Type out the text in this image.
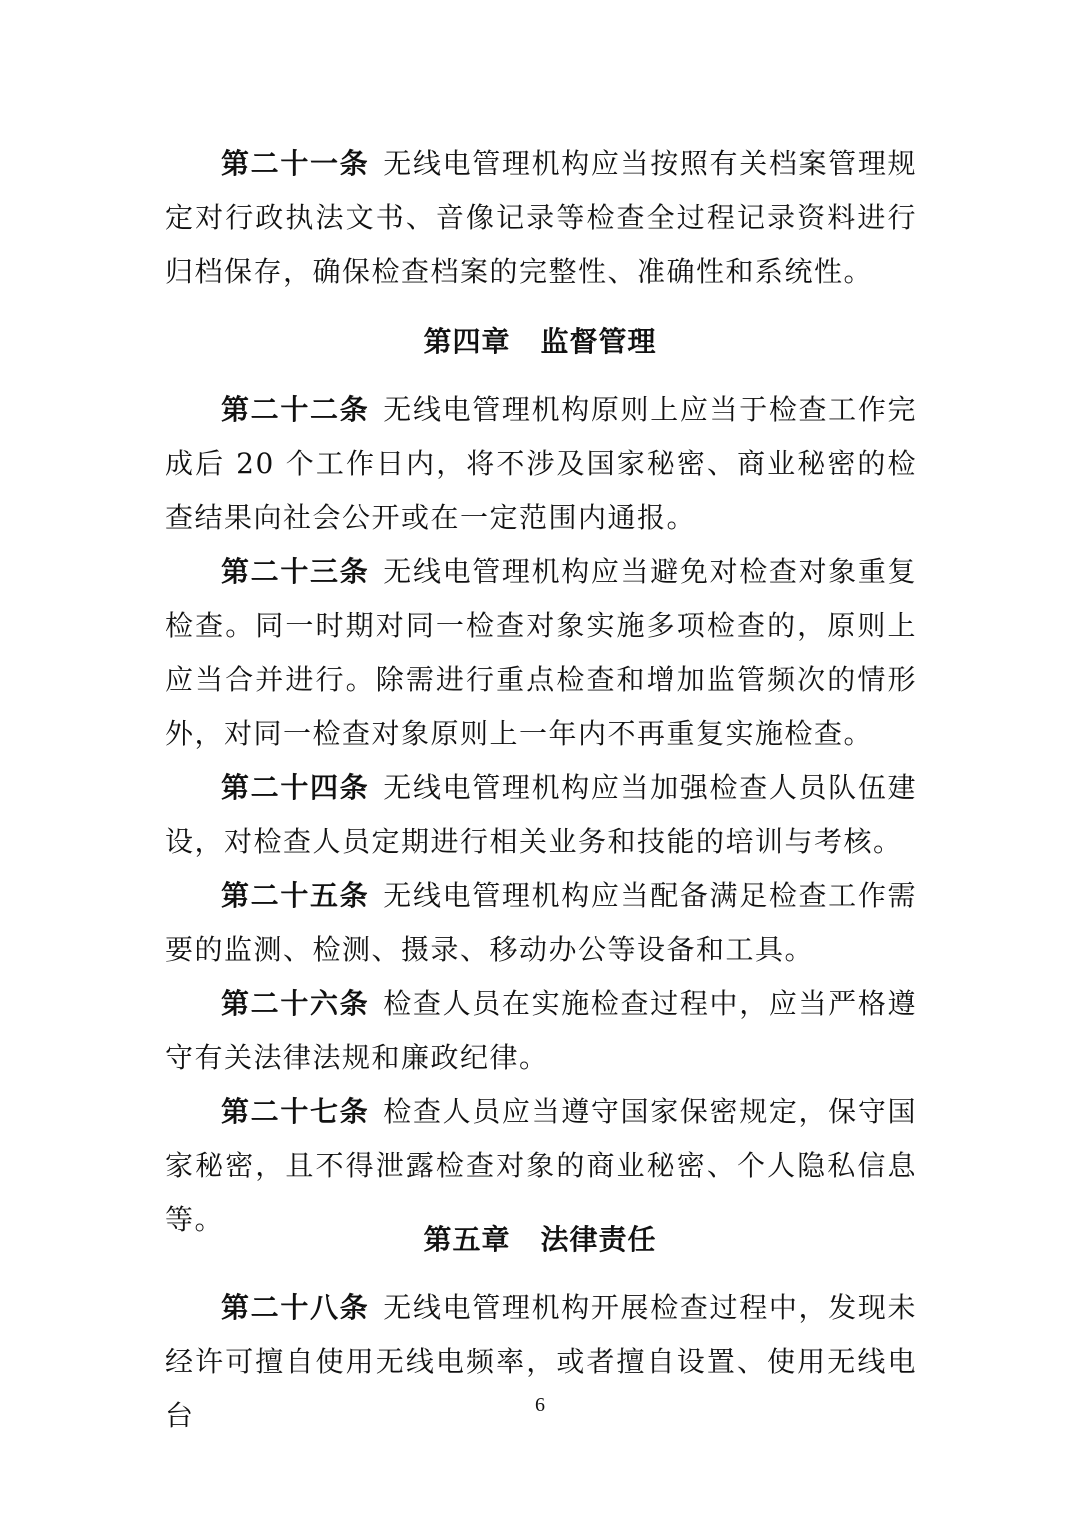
第二十一条 无线电管理机构应当按照有关档案管理规定对行政执法文书、音像记录等检查全过程记录资料进行归档保存，确保检查档案的完整性、准确性和系统性。

第四章 监督管理

第二十二条 无线电管理机构原则上应当于检查工作完成后 20 个工作日内，将不涉及国家秘密、商业秘密的检查结果向社会公开或在一定范围内通报。

第二十三条 无线电管理机构应当避免对检查对象重复检查。同一时期对同一检查对象实施多项检查的，原则上应当合并进行。除需进行重点检查和增加监管频次的情形外，对同一检查对象原则上一年内不再重复实施检查。

第二十四条 无线电管理机构应当加强检查人员队伍建设，对检查人员定期进行相关业务和技能的培训与考核。

第二十五条 无线电管理机构应当配备满足检查工作需要的监测、检测、摄录、移动办公等设备和工具。

第二十六条 检查人员在实施检查过程中，应当严格遵守有关法律法规和廉政纪律。

第二十七条 检查人员应当遵守国家保密规定，保守国家秘密，且不得泄露检查对象的商业秘密、个人隐私信息等。

第五章 法律责任

第二十八条 无线电管理机构开展检查过程中，发现未经许可擅自使用无线电频率，或者擅自设置、使用无线电台	6
